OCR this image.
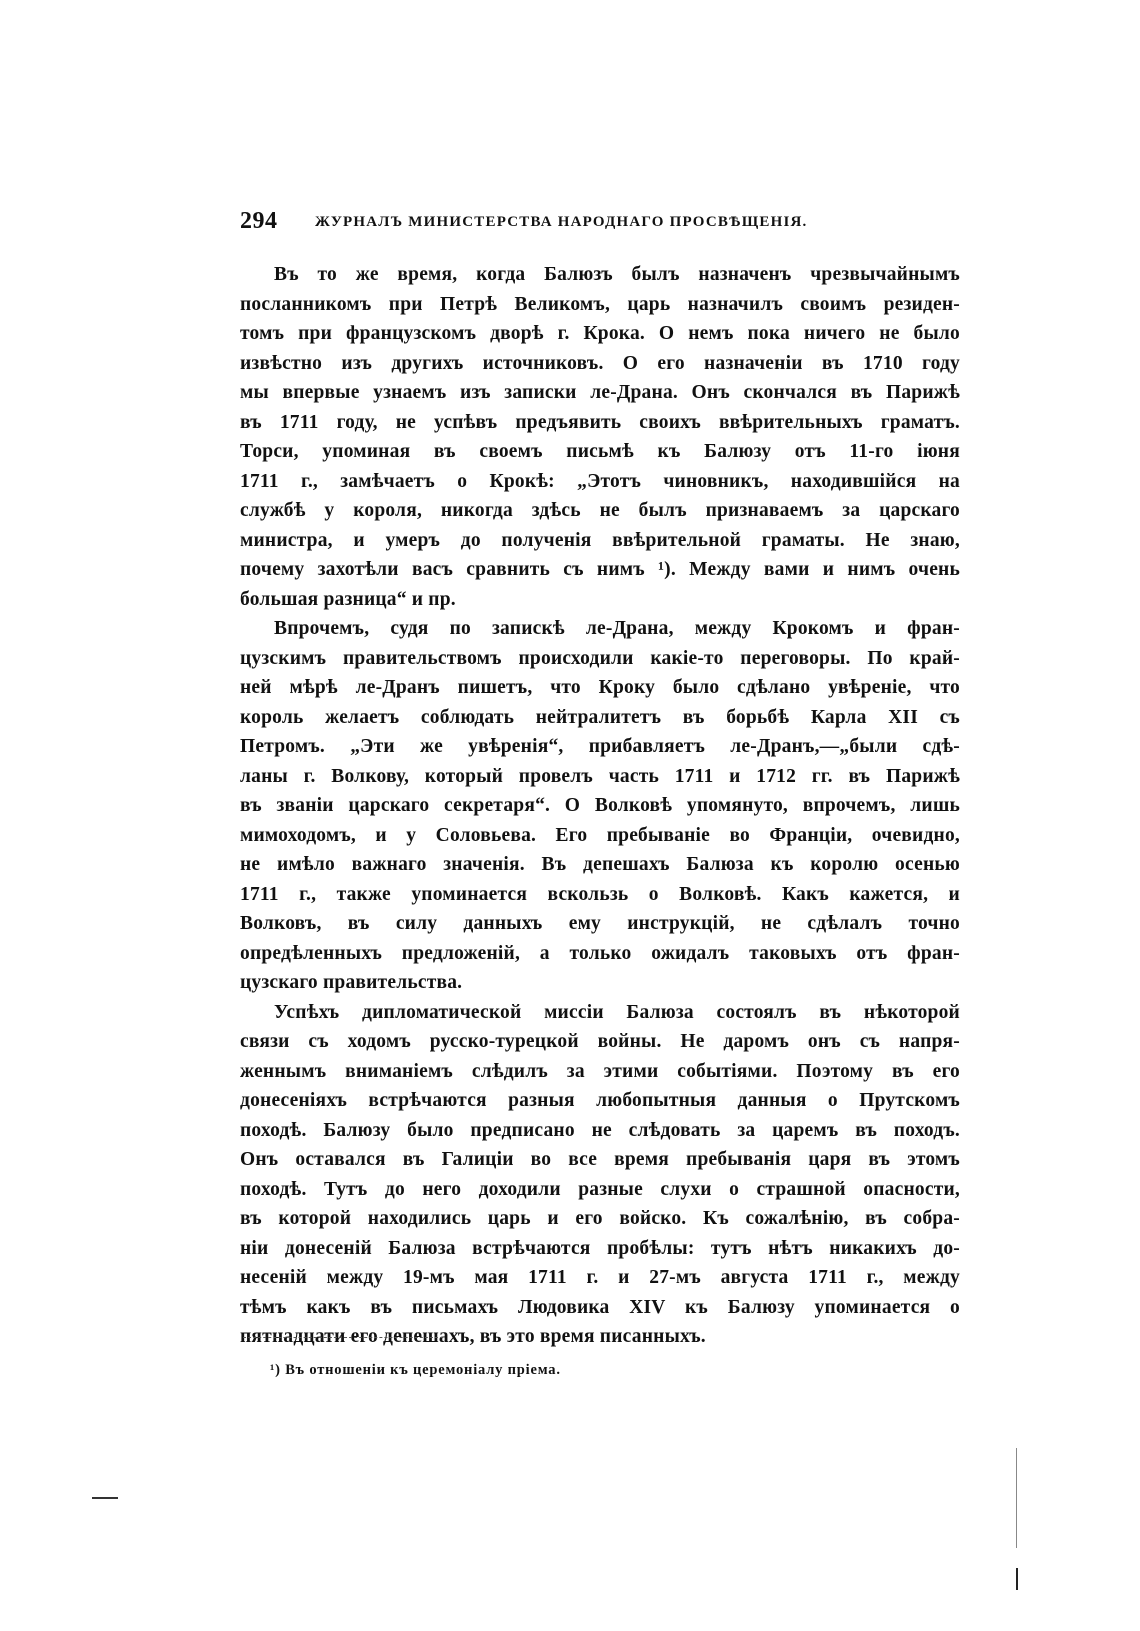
294	ЖУРНАЛЪ МИНИСТЕРСТВА НАРОДНАГО ПРОСВѢЩЕНІЯ.
Въ то же время, когда Балюзъ былъ назначенъ чрезвычайнымъ
посланникомъ при Петрѣ Великомъ, царь назначилъ своимъ резиден-
томъ при французскомъ дворѣ г. Крока. О немъ пока ничего не было
извѣстно изъ другихъ источниковъ. О его назначеніи въ 1710 году
мы впервые узнаемъ изъ записки ле-Драна. Онъ скончался въ Парижѣ
въ 1711 году, не успѣвъ предъявить своихъ ввѣрительныхъ граматъ.
Торси, упоминая въ своемъ письмѣ къ Балюзу отъ 11-го іюня
1711 г., замѣчаетъ о Крокѣ: „Этотъ чиновникъ, находившійся на
службѣ у короля, никогда здѣсь не былъ признаваемъ за царскаго
министра, и умеръ до полученія ввѣрительной граматы. Не знаю,
почему захотѣли васъ сравнить съ нимъ ¹). Между вами и нимъ очень
большая разница“ и пр.
Впрочемъ, судя по запискѣ ле-Драна, между Крокомъ и фран-
цузскимъ правительствомъ происходили какіе-то переговоры. По край-
ней мѣрѣ ле-Дранъ пишетъ, что Кроку было сдѣлано увѣреніе, что
король желаетъ соблюдать нейтралитетъ въ борьбѣ Карла XII съ
Петромъ. „Эти же увѣренія“, прибавляетъ ле-Дранъ,—„были сдѣ-
ланы г. Волкову, который провелъ часть 1711 и 1712 гг. въ Парижѣ
въ званіи царскаго секретаря“. О Волковѣ упомянуто, впрочемъ, лишь
мимоходомъ, и у Соловьева. Его пребываніе во Франціи, очевидно,
не имѣло важнаго значенія. Въ депешахъ Балюза къ королю осенью
1711 г., также упоминается вскользь о Волковѣ. Какъ кажется, и
Волковъ, въ силу данныхъ ему инструкцій, не сдѣлалъ точно
опредѣленныхъ предложеній, а только ожидалъ таковыхъ отъ фран-
цузскаго правительства.
Успѣхъ дипломатической миссіи Балюза состоялъ въ нѣкоторой
связи съ ходомъ русско-турецкой войны. Не даромъ онъ съ напря-
женнымъ вниманіемъ слѣдилъ за этими событіями. Поэтому въ его
донесеніяхъ встрѣчаются разныя любопытныя данныя о Прутскомъ
походѣ. Балюзу было предписано не слѣдовать за царемъ въ походъ.
Онъ оставался въ Галиціи во все время пребыванія царя въ этомъ
походѣ. Тутъ до него доходили разные слухи о страшной опасности,
въ которой находились царь и его войско. Къ сожалѣнію, въ собра-
ніи донесеній Балюза встрѣчаются пробѣлы: тутъ нѣтъ никакихъ до-
несеній между 19-мъ мая 1711 г. и 27-мъ августа 1711 г., между
тѣмъ какъ въ письмахъ Людовика XIV къ Балюзу упоминается о
пятнадцати его депешахъ, въ это время писанныхъ.
¹) Въ отношеніи къ церемоніалу пріема.
